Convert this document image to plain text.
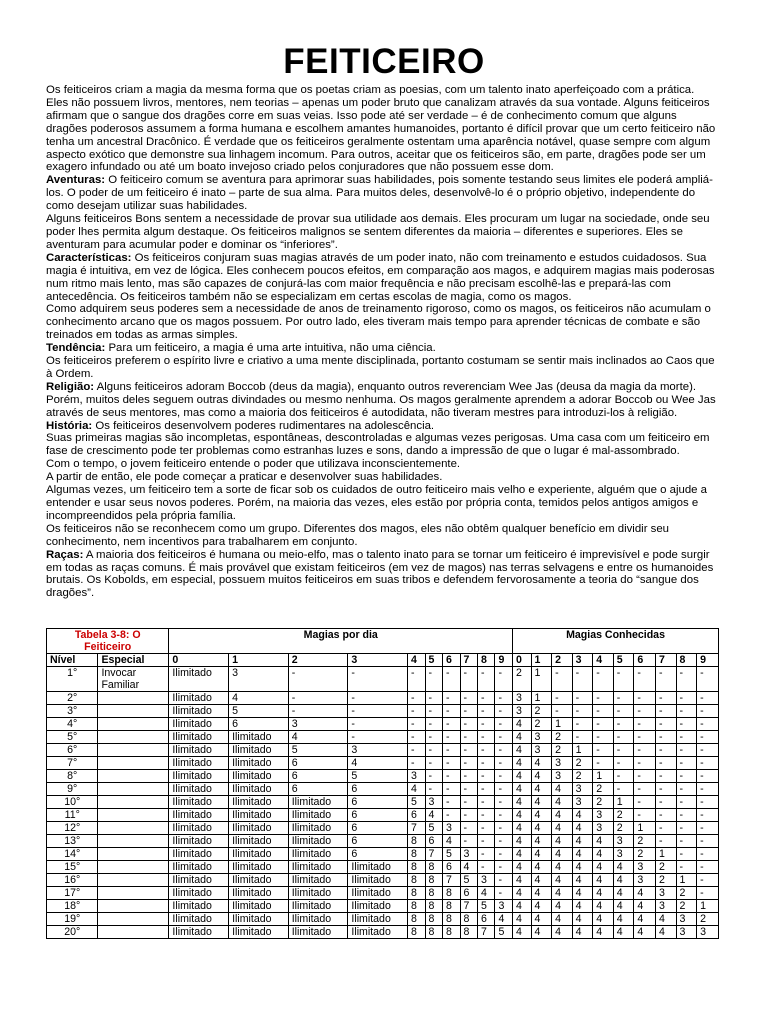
FEITICEIRO

Os feiticeiros criam a magia da mesma forma que os poetas criam as poesias, com um talento inato aperfeiçoado com a prática. Eles não possuem livros, mentores, nem teorias – apenas um poder bruto que canalizam através da sua vontade. Alguns feiticeiros afirmam que o sangue dos dragões corre em suas veias. Isso pode até ser verdade – é de conhecimento comum que alguns dragões poderosos assumem a forma humana e escolhem amantes humanoides, portanto é difícil provar que um certo feiticeiro não tenha um ancestral Dracônico. É verdade que os feiticeiros geralmente ostentam uma aparência notável, quase sempre com algum aspecto exótico que demonstre sua linhagem incomum. Para outros, aceitar que os feiticeiros são, em parte, dragões pode ser um exagero infundado ou até um boato invejoso criado pelos conjuradores que não possuem esse dom.

Aventuras: O feiticeiro comum se aventura para aprimorar suas habilidades, pois somente testando seus limites ele poderá ampliá-los. O poder de um feiticeiro é inato – parte de sua alma. Para muitos deles, desenvolvê-lo é o próprio objetivo, independente do como desejam utilizar suas habilidades.

Alguns feiticeiros Bons sentem a necessidade de provar sua utilidade aos demais. Eles procuram um lugar na sociedade, onde seu poder lhes permita algum destaque. Os feiticeiros malignos se sentem diferentes da maioria – diferentes e superiores. Eles se aventuram para acumular poder e dominar os “inferiores”.

Características: Os feiticeiros conjuram suas magias através de um poder inato, não com treinamento e estudos cuidadosos. Sua magia é intuitiva, em vez de lógica. Eles conhecem poucos efeitos, em comparação aos magos, e adquirem magias mais poderosas num ritmo mais lento, mas são capazes de conjurá-las com maior frequência e não precisam escolhê-las e prepará-las com antecedência. Os feiticeiros também não se especializam em certas escolas de magia, como os magos.

Como adquirem seus poderes sem a necessidade de anos de treinamento rigoroso, como os magos, os feiticeiros não acumulam o conhecimento arcano que os magos possuem. Por outro lado, eles tiveram mais tempo para aprender técnicas de combate e são treinados em todas as armas simples.

Tendência: Para um feiticeiro, a magia é uma arte intuitiva, não uma ciência.

Os feiticeiros preferem o espírito livre e criativo a uma mente disciplinada, portanto costumam se sentir mais inclinados ao Caos que à Ordem.

Religião: Alguns feiticeiros adoram Boccob (deus da magia), enquanto outros reverenciam Wee Jas (deusa da magia da morte). Porém, muitos deles seguem outras divindades ou mesmo nenhuma. Os magos geralmente aprendem a adorar Boccob ou Wee Jas através de seus mentores, mas como a maioria dos feiticeiros é autodidata, não tiveram mestres para introduzi-los à religião.

História: Os feiticeiros desenvolvem poderes rudimentares na adolescência.

Suas primeiras magias são incompletas, espontâneas, descontroladas e algumas vezes perigosas. Uma casa com um feiticeiro em fase de crescimento pode ter problemas como estranhas luzes e sons, dando a impressão de que o lugar é mal-assombrado.

Com o tempo, o jovem feiticeiro entende o poder que utilizava inconscientemente.

A partir de então, ele pode começar a praticar e desenvolver suas habilidades.

Algumas vezes, um feiticeiro tem a sorte de ficar sob os cuidados de outro feiticeiro mais velho e experiente, alguém que o ajude a entender e usar seus novos poderes. Porém, na maioria das vezes, eles estão por própria conta, temidos pelos antigos amigos e incompreendidos pela própria família.

Os feiticeiros não se reconhecem como um grupo. Diferentes dos magos, eles não obtêm qualquer benefício em dividir seu conhecimento, nem incentivos para trabalharem em conjunto.

Raças: A maioria dos feiticeiros é humana ou meio-elfo, mas o talento inato para se tornar um feiticeiro é imprevisível e pode surgir em todas as raças comuns. É mais provável que existam feiticeiros (em vez de magos) nas terras selvagens e entre os humanoides brutais. Os Kobolds, em especial, possuem muitos feiticeiros em suas tribos e defendem fervorosamente a teoria do “sangue dos dragões”.

Tabela 3-8: O Feiticeiro		Magias por dia										Magias Conhecidas									
Nível	Especial	0	1	2	3	4	5	6	7	8	9	0	1	2	3	4	5	6	7	8	9
1°	Invocar Familiar	Ilimitado	3	-	-	-	-	-	-	-	-	2	1	-	-	-	-	-	-	-	-
2°		Ilimitado	4	-	-	-	-	-	-	-	-	3	1	-	-	-	-	-	-	-	-
3°		Ilimitado	5	-	-	-	-	-	-	-	-	3	2	-	-	-	-	-	-	-	-
4°		Ilimitado	6	3	-	-	-	-	-	-	-	4	2	1	-	-	-	-	-	-	-
5°		Ilimitado	Ilimitado	4	-	-	-	-	-	-	-	4	3	2	-	-	-	-	-	-	-
6°		Ilimitado	Ilimitado	5	3	-	-	-	-	-	-	4	3	2	1	-	-	-	-	-	-
7°		Ilimitado	Ilimitado	6	4	-	-	-	-	-	-	4	4	3	2	-	-	-	-	-	-
8°		Ilimitado	Ilimitado	6	5	3	-	-	-	-	-	4	4	3	2	1	-	-	-	-	-
9°		Ilimitado	Ilimitado	6	6	4	-	-	-	-	-	4	4	4	3	2	-	-	-	-	-
10°		Ilimitado	Ilimitado	Ilimitado	6	5	3	-	-	-	-	4	4	4	3	2	1	-	-	-	-
11°		Ilimitado	Ilimitado	Ilimitado	6	6	4	-	-	-	-	4	4	4	4	3	2	-	-	-	-
12°		Ilimitado	Ilimitado	Ilimitado	6	7	5	3	-	-	-	4	4	4	4	3	2	1	-	-	-
13°		Ilimitado	Ilimitado	Ilimitado	6	8	6	4	-	-	-	4	4	4	4	4	3	2	-	-	-
14°		Ilimitado	Ilimitado	Ilimitado	6	8	7	5	3	-	-	4	4	4	4	4	3	2	1	-	-
15°		Ilimitado	Ilimitado	Ilimitado	Ilimitado	8	8	6	4	-	-	4	4	4	4	4	4	3	2	-	-
16°		Ilimitado	Ilimitado	Ilimitado	Ilimitado	8	8	7	5	3	-	4	4	4	4	4	4	3	2	1	-
17°		Ilimitado	Ilimitado	Ilimitado	Ilimitado	8	8	8	6	4	-	4	4	4	4	4	4	4	3	2	-
18°		Ilimitado	Ilimitado	Ilimitado	Ilimitado	8	8	8	7	5	3	4	4	4	4	4	4	4	3	2	1
19°		Ilimitado	Ilimitado	Ilimitado	Ilimitado	8	8	8	8	6	4	4	4	4	4	4	4	4	4	3	2
20°		Ilimitado	Ilimitado	Ilimitado	Ilimitado	8	8	8	8	7	5	4	4	4	4	4	4	4	4	3	3
